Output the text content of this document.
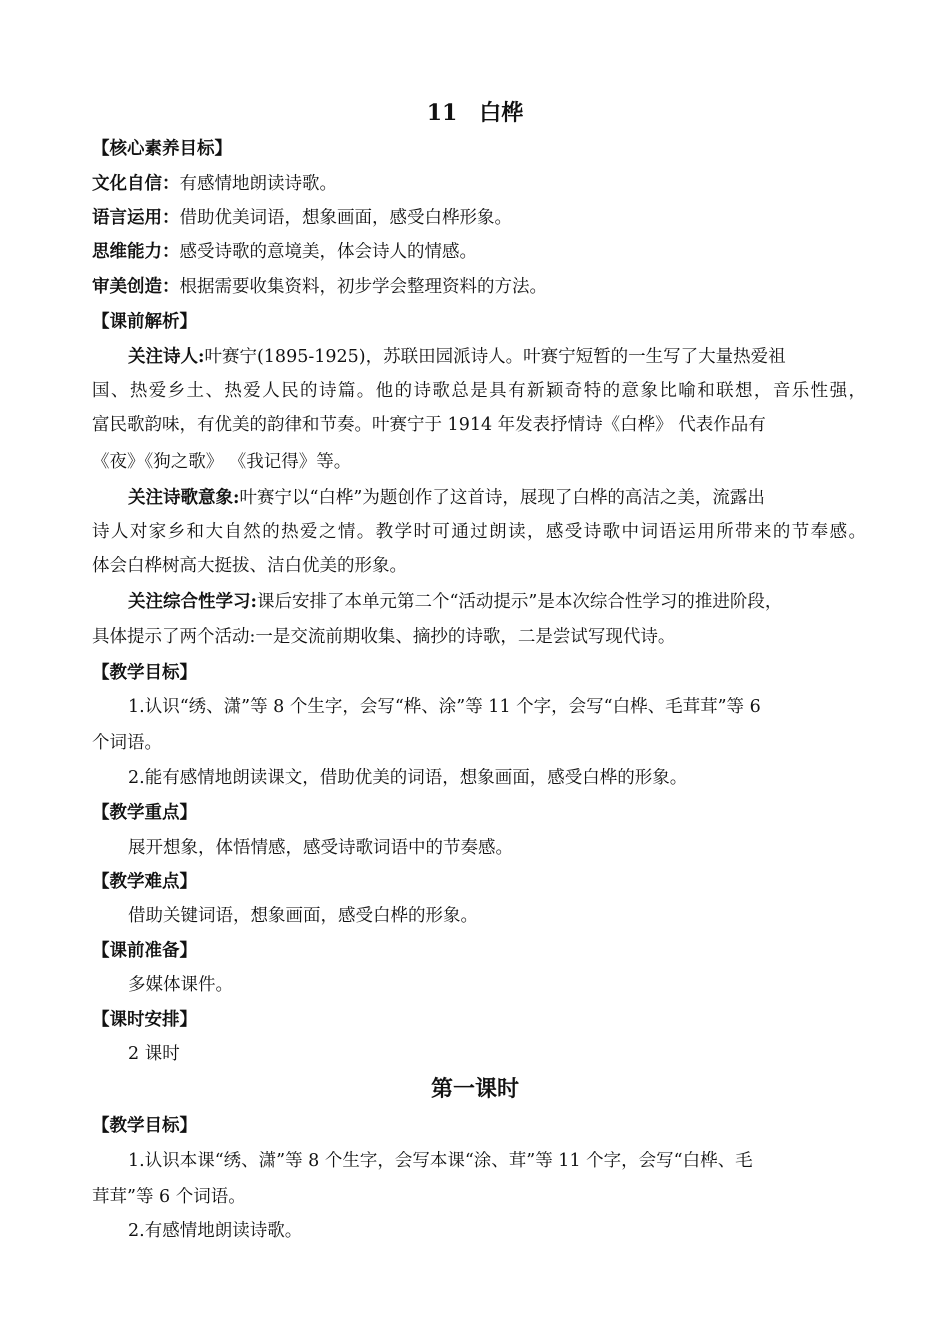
11　白桦
【核心素养目标】
文化自信：有感情地朗读诗歌。
语言运用：借助优美词语，想象画面，感受白桦形象。
思维能力：感受诗歌的意境美，体会诗人的情感。
审美创造：根据需要收集资料，初步学会整理资料的方法。
【课前解析】
关注诗人:叶赛宁(1895-1925)，苏联田园派诗人。叶赛宁短暂的一生写了大量热爱祖
国、热爱乡土、热爱人民的诗篇。他的诗歌总是具有新颖奇特的意象比喻和联想，音乐性强，
富民歌韵味，有优美的韵律和节奏。叶赛宁于 1914 年发表抒情诗《白桦》 代表作品有
《夜》《狗之歌》 《我记得》等。
关注诗歌意象:叶赛宁以“白桦”为题创作了这首诗，展现了白桦的高洁之美，流露出
诗人对家乡和大自然的热爱之情。教学时可通过朗读，感受诗歌中词语运用所带来的节奉感。
体会白桦树高大挺拔、洁白优美的形象。
关注综合性学习:课后安排了本单元第二个“活动提示”是本次综合性学习的推进阶段，
具体提示了两个活动:一是交流前期收集、摘抄的诗歌，二是尝试写现代诗。
【教学目标】
1.认识“绣、潇”等 8 个生字，会写“桦、涂”等 11 个字，会写“白桦、毛茸茸”等 6
个词语。
2.能有感情地朗读课文，借助优美的词语，想象画面，感受白桦的形象。
【教学重点】
展开想象，体悟情感，感受诗歌词语中的节奏感。
【教学难点】
借助关键词语，想象画面，感受白桦的形象。
【课前准备】
多媒体课件。
【课时安排】
2 课时
第一课时
【教学目标】
1.认识本课“绣、潇”等 8 个生字，会写本课“涂、茸”等 11 个字，会写“白桦、毛
茸茸”等 6 个词语。
2.有感情地朗读诗歌。
